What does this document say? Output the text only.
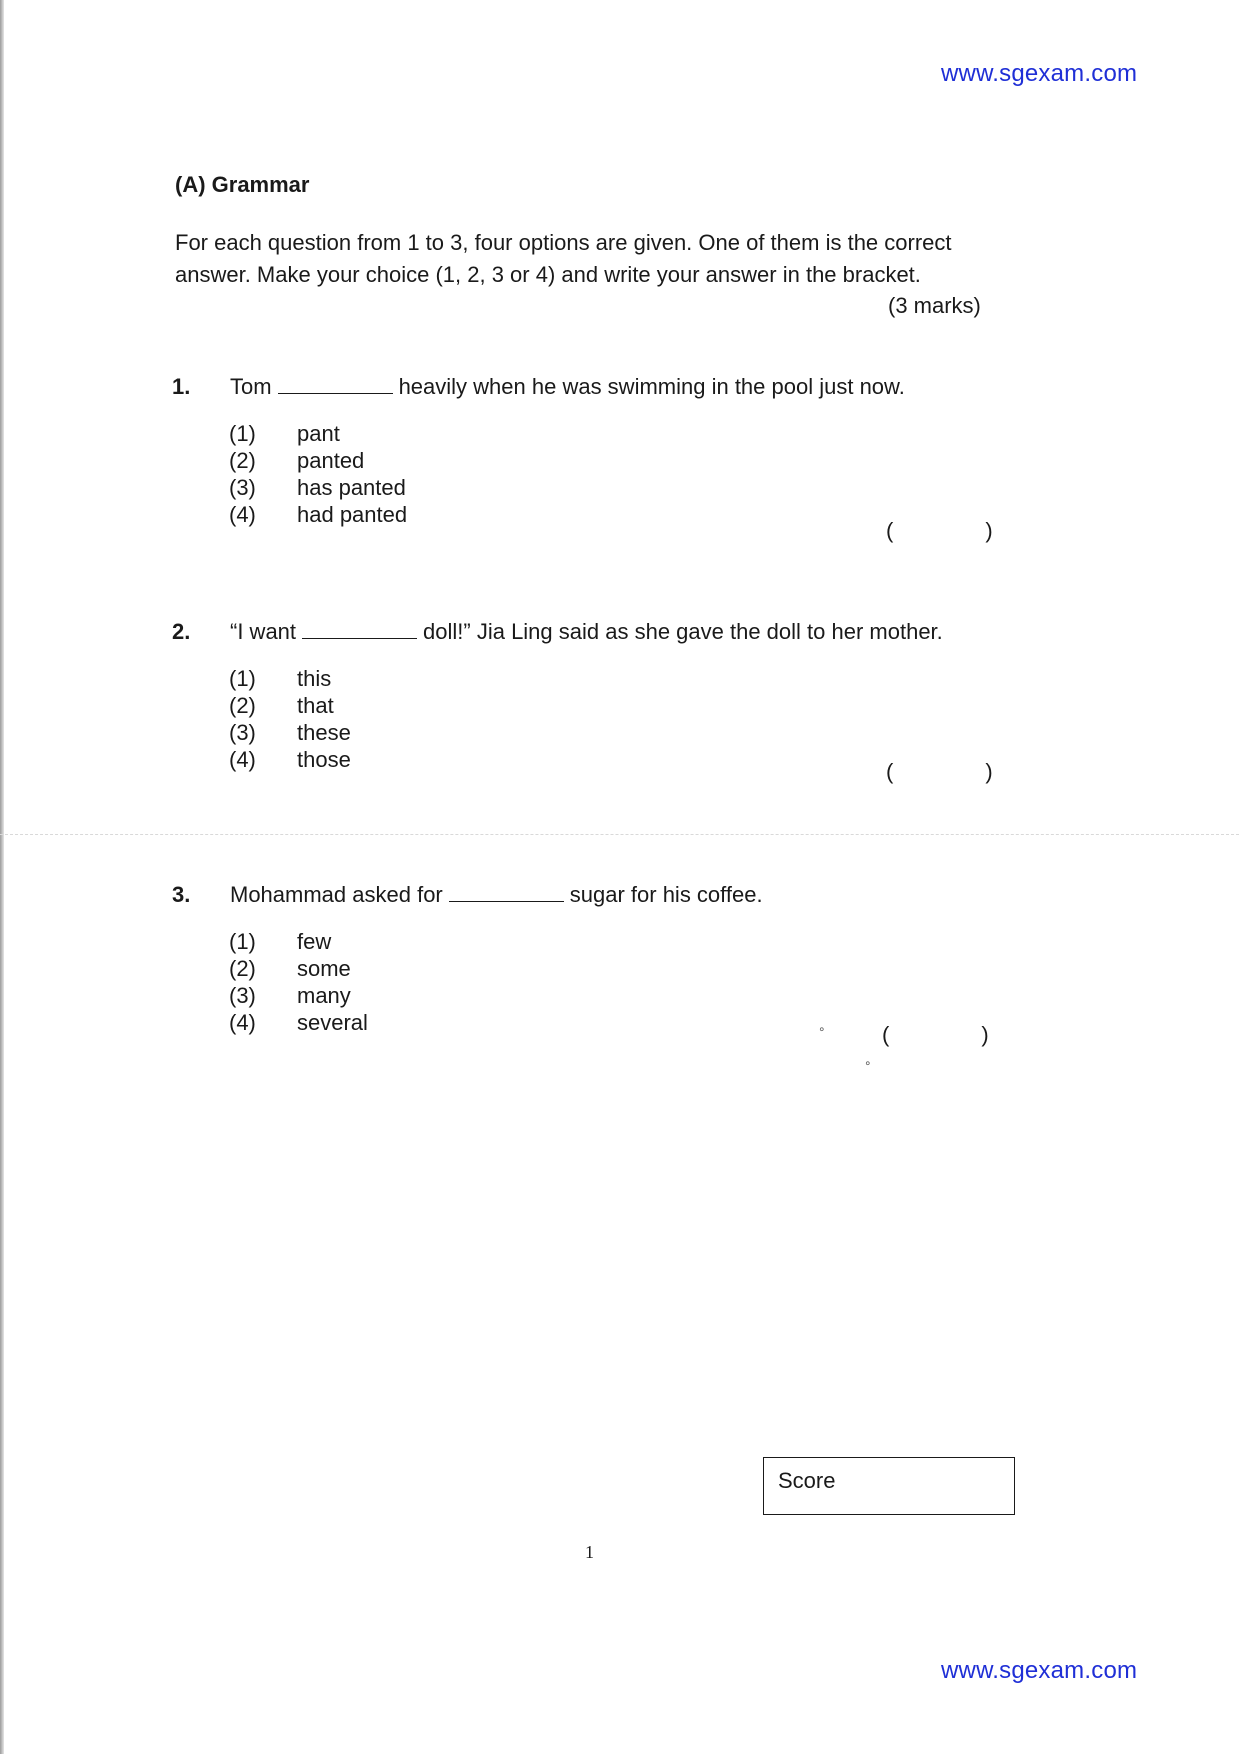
www.sgexam.com
(A) Grammar

For each question from 1 to 3, four options are given. One of them is the correct answer. Make your choice (1, 2, 3 or 4) and write your answer in the bracket.

(3 marks)
1. Tom	heavily when he was swimming in the pool just now.
(1) pant
(2) panted
(3) has panted
(4) had panted
(	)
2. “I want	doll!” Jia Ling said as she gave the doll to her mother.
(1) this
(2) that
(3) these
(4) those	(	)
3. Mohammad asked for	sugar for his coffee.
(1) few
(2) some
(3) many
(4) several	(	)
∘
∘
Score
1
www.sgexam.com
